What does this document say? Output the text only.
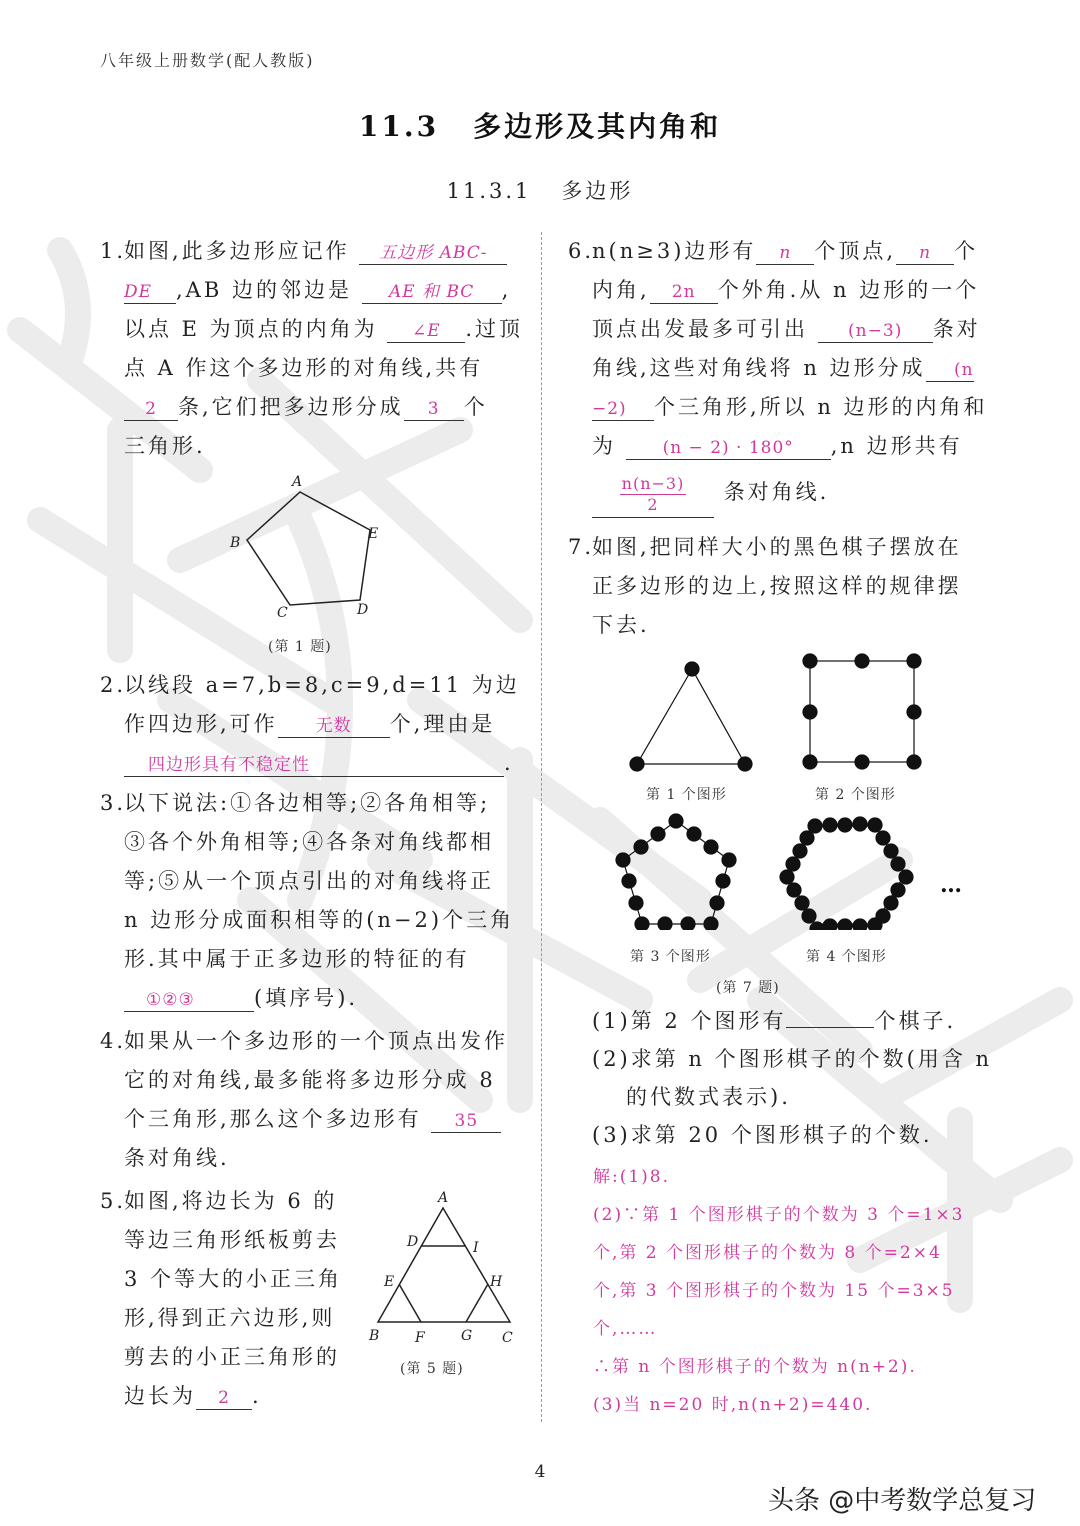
八年级上册数学(配人教版)
11.3 多边形及其内角和
11.3.1 多边形
1.
如图,此多边形应记作 五边形 ABC-
DE ,AB 边的邻边是 AE 和 BC ,
以点 E 为顶点的内角为 ∠E .过顶
点 A 作这个多边形的对角线,共有
2 条,它们把多边形分成 3 个
三角形.
A
B
C	D
E
(第 1 题)
2.
以线段 a=7,b=8,c=9,d=11 为边
作四边形,可作 无数 个,理由是
四边形具有不稳定性	.
3.
以下说法:①各边相等;②各角相等;
③各个外角相等;④各条对角线都相
等;⑤从一个顶点引出的对角线将正
n 边形分成面积相等的(n−2)个三角
形.其中属于正多边形的特征的有
①②③	(填序号).
4.
如果从一个多边形的一个顶点出发作
它的对角线,最多能将多边形分成 8
个三角形,那么这个多边形有 35
条对角线.
5.
如图,将边长为 6 的
等边三角形纸板剪去
3 个等大的小正三角
形,得到正六边形,则
剪去的小正三角形的
边长为 2 .
A
D	I
E	H
B	F	G C
(第 5 题)
6.
n(n≥3)边形有 n 个顶点, n 个
内角, 2n 个外角.从 n 边形的一个
顶点出发最多可引出 (n−3) 条对
角线,这些对角线将 n 边形分成 (n
−2) 个三角形,所以 n 边形的内角和
为	(n − 2) · 180° ,n 边形共有
$\frac{n(n-3)}{2}$ 条对角线.
7.
如图,把同样大小的黑色棋子摆放在
正多边形的边上,按照这样的规律摆
下去.
第 1 个图形	第 2 个图形
第 3 个图形	第 4 个图形
…
(第 7 题)
(1)第 2 个图形有	个棋子.
(2)求第 n 个图形棋子的个数(用含 n
的代数式表示).
(3)求第 20 个图形棋子的个数.
解:(1)8.
(2)∵第 1 个图形棋子的个数为 3 个=1×3
个,第 2 个图形棋子的个数为 8 个=2×4
个,第 3 个图形棋子的个数为 15 个=3×5
个,……
∴第 n 个图形棋子的个数为 n(n+2).
(3)当 n=20 时,n(n+2)=440.
4
头条 @中考数学总复习
